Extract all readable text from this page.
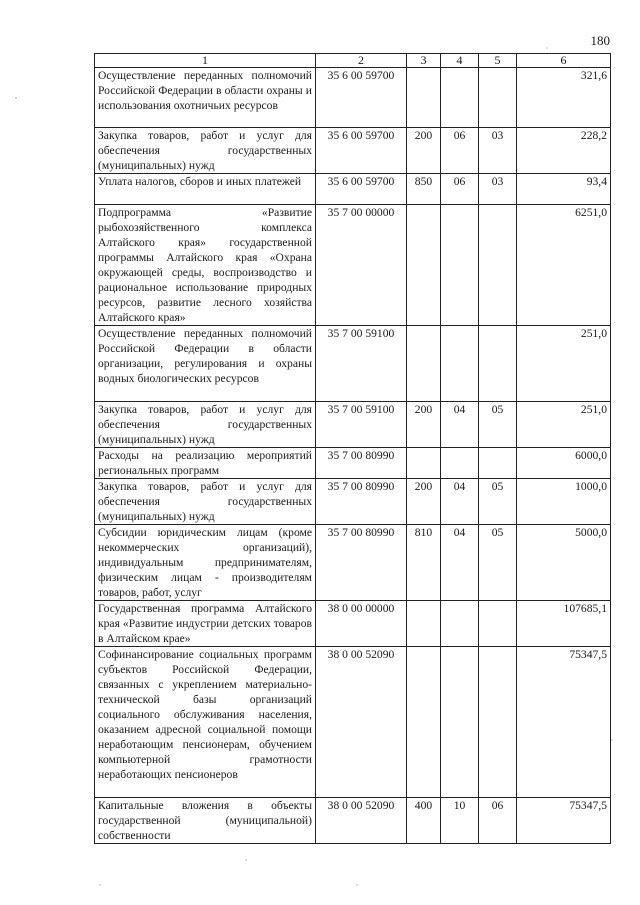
180
1	2	3	4	5	6
Осуществление переданных полномочий Российской Федерации в области охраны и использования охотничьих ресурсов	35 6 00 59700				321,6
Закупка товаров, работ и услуг для обеспечения государственных (муниципальных) нужд	35 6 00 59700	200	06	03	228,2
Уплата налогов, сборов и иных платежей	35 6 00 59700	850	06	03	93,4
Подпрограмма «Развитие рыбохозяйственного комплекса Алтайского края» государственной программы Алтайского края «Охрана окружающей среды, воспроизводство и рациональное использование природных ресурсов, развитие лесного хозяйства Алтайского края»	35 7 00 00000				6251,0
Осуществление переданных полномочий Российской Федерации в области организации, регулирования и охраны водных биологических ресурсов	35 7 00 59100				251,0
Закупка товаров, работ и услуг для обеспечения государственных (муниципальных) нужд	35 7 00 59100	200	04	05	251,0
Расходы на реализацию мероприятий региональных программ	35 7 00 80990				6000,0
Закупка товаров, работ и услуг для обеспечения государственных (муниципальных) нужд	35 7 00 80990	200	04	05	1000,0
Субсидии юридическим лицам (кроме некоммерческих организаций), индивидуальным предпринимателям, физическим лицам - производителям товаров, работ, услуг	35 7 00 80990	810	04	05	5000,0
Государственная программа Алтайского края «Развитие индустрии детских товаров в Алтайском крае»	38 0 00 00000				107685,1
Софинансирование социальных программ субъектов Российской Федерации, связанных с укреплением материально-технической базы организаций социального обслуживания населения, оказанием адресной социальной помощи неработающим пенсионерам, обучением компьютерной грамотности неработающих пенсионеров	38 0 00 52090				75347,5
Капитальные вложения в объекты государственной (муниципальной) собственности	38 0 00 52090	400	10	06	75347,5
